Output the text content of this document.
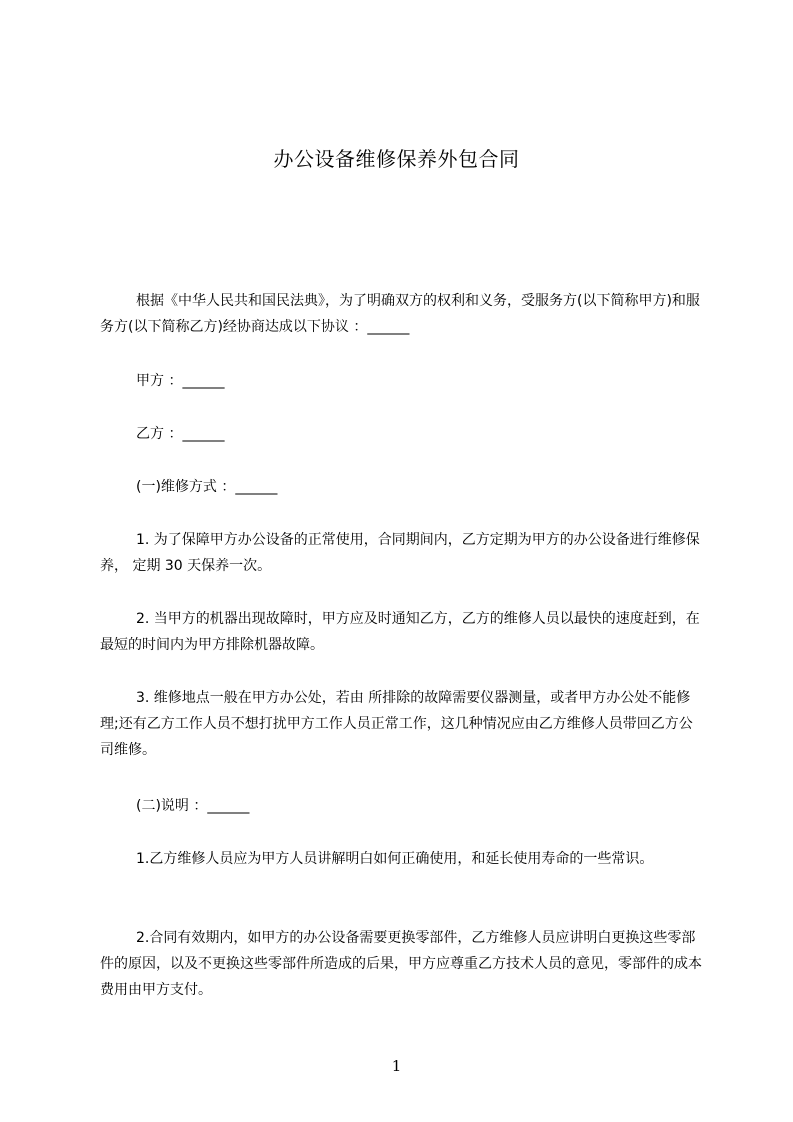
办公设备维修保养外包合同
根据《中华人民共和国民法典》，为了明确双方的权利和义务，受服务方(以下简称甲方)和服务方(以下简称乙方)经协商达成以下协议 ：______
甲方 ：______
乙方 ：______
(一)维修方式 ：______
1. 为了保障甲方办公设备的正常使用，合同期间内，乙方定期为甲方的办公设备进行维修保养， 定期 30 天保养一次。
2. 当甲方的机器出现故障时，甲方应及时通知乙方，乙方的维修人员以最快的速度赶到，在最短的时间内为甲方排除机器故障。
3. 维修地点一般在甲方办公处，若由 所排除的故障需要仪器测量，或者甲方办公处不能修理;还有乙方工作人员不想打扰甲方工作人员正常工作，这几种情况应由乙方维修人员带回乙方公司维修。
(二)说明 ：______
1.乙方维修人员应为甲方人员讲解明白如何正确使用，和延长使用寿命的一些常识。
2.合同有效期内，如甲方的办公设备需要更换零部件，乙方维修人员应讲明白更换这些零部件的原因，以及不更换这些零部件所造成的后果，甲方应尊重乙方技术人员的意见，零部件的成本费用由甲方支付。
1
